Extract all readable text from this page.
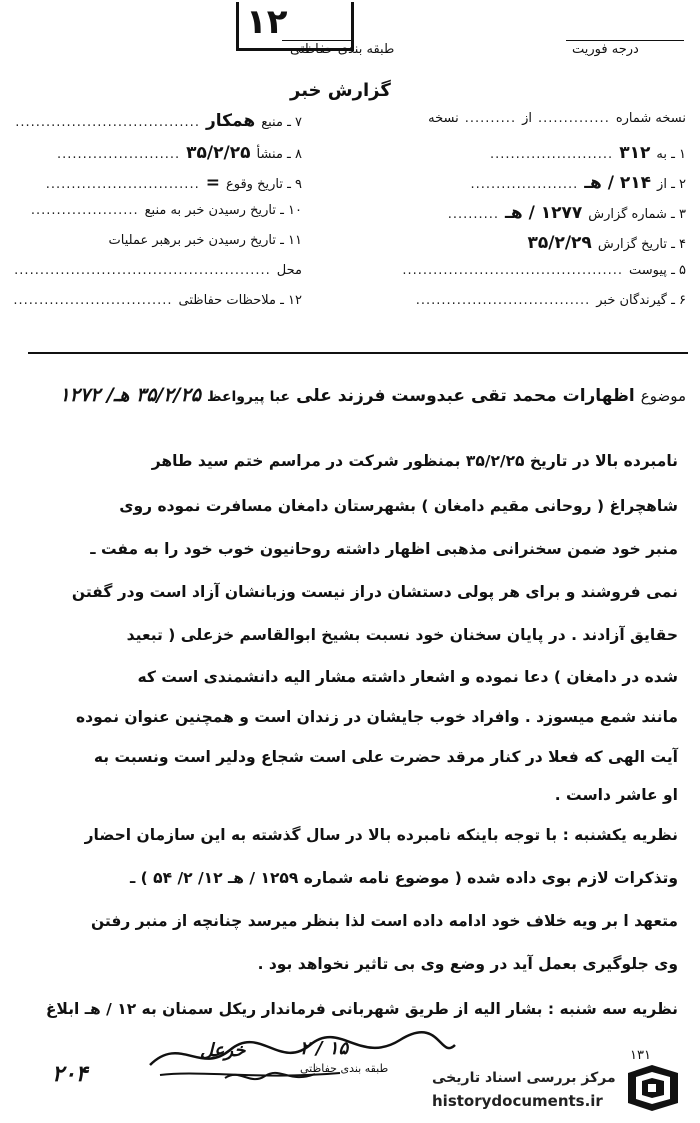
١٢
طبقه بندی حفاظتی	درجه فوریت
گزارش خبر
نسخه شماره
..............
از
..........
نسخه
۱ ـ به
۳۱۲
........................
۲ ـ از
۲۱۴ / هـ
.....................
۳ ـ شماره گزارش
۱۲۷۷ / هـ
..........
۴ ـ تاریخ گزارش
۳۵/۲/۲۹
۵ ـ پیوست
...........................................
۶ ـ گیرندگان خبر
..................................
۷ ـ منبع
همکار
....................................
۸ ـ منشأ
۳۵/۲/۲۵
........................
۹ ـ تاریخ وقوع
=
..............................
۱۰ ـ تاریخ رسیدن خبر به منبع
.....................
۱۱ ـ تاریخ رسیدن خبر برهبر عملیات
محل
..................................................
۱۲ ـ ملاحظات حفاظتی
...............................
موضوع
اظهارات محمد تقی عبدوست فرزند علی
عبا پیرواعظ
۳۵/۲/۲۵ هـ/ ۱۲۷۲
نامبرده بالا در تاریخ ۳۵/۲/۲۵ بمنظور شرکت در مراسم ختم سید طاهر
شاهچراغ ( روحانی مقیم دامغان ) بشهرستان دامغان مسافرت نموده روی
منبر خود ضمن سخنرانی مذهبی اظهار داشته روحانیون خوب خود را به مفت ـ
نمی فروشند و برای هر پولی دستشان دراز نیست وزبانشان آزاد است ودر گفتن
حقایق آزادند . در پایان سخنان خود نسبت بشیخ ابوالقاسم خزعلی ( تبعید
شده در دامغان ) دعا نموده و اشعار داشته مشار الیه دانشمندی است که
مانند شمع میسوزد . وافراد خوب جایشان در زندان است و همچنین عنوان نموده
آیت الهی که فعلا در کنار مرقد حضرت علی است شجاع ودلیر است ونسبت به
او عاشر داست .
نظریه یکشنبه : با توجه باینکه نامبرده بالا در سال گذشته به این سازمان احضار
وتذکرات لازم بوی داده شده ( موضوع نامه شماره ۱۲۵۹ / هـ ۱۲/ ۲/ ۵۴ ) ـ
متعهد ا بر ویه خلاف خود ادامه داده است لذا بنظر میرسد چنانچه از منبر رفتن
وی جلوگیری بعمل آید در وضع وی بی تاثیر نخواهد بود .
نظریه سه شنبه : بشار الیه از طریق شهربانی فرماندار ریکل سمنان به ۱۲ / هـ ابلاغ
۱۵ / ۲
خزعل
طبقه بندی حفاظتی
۲۰۴
۱۳۱
مرکز بررسی اسناد تاریخی
historydocuments.ir
